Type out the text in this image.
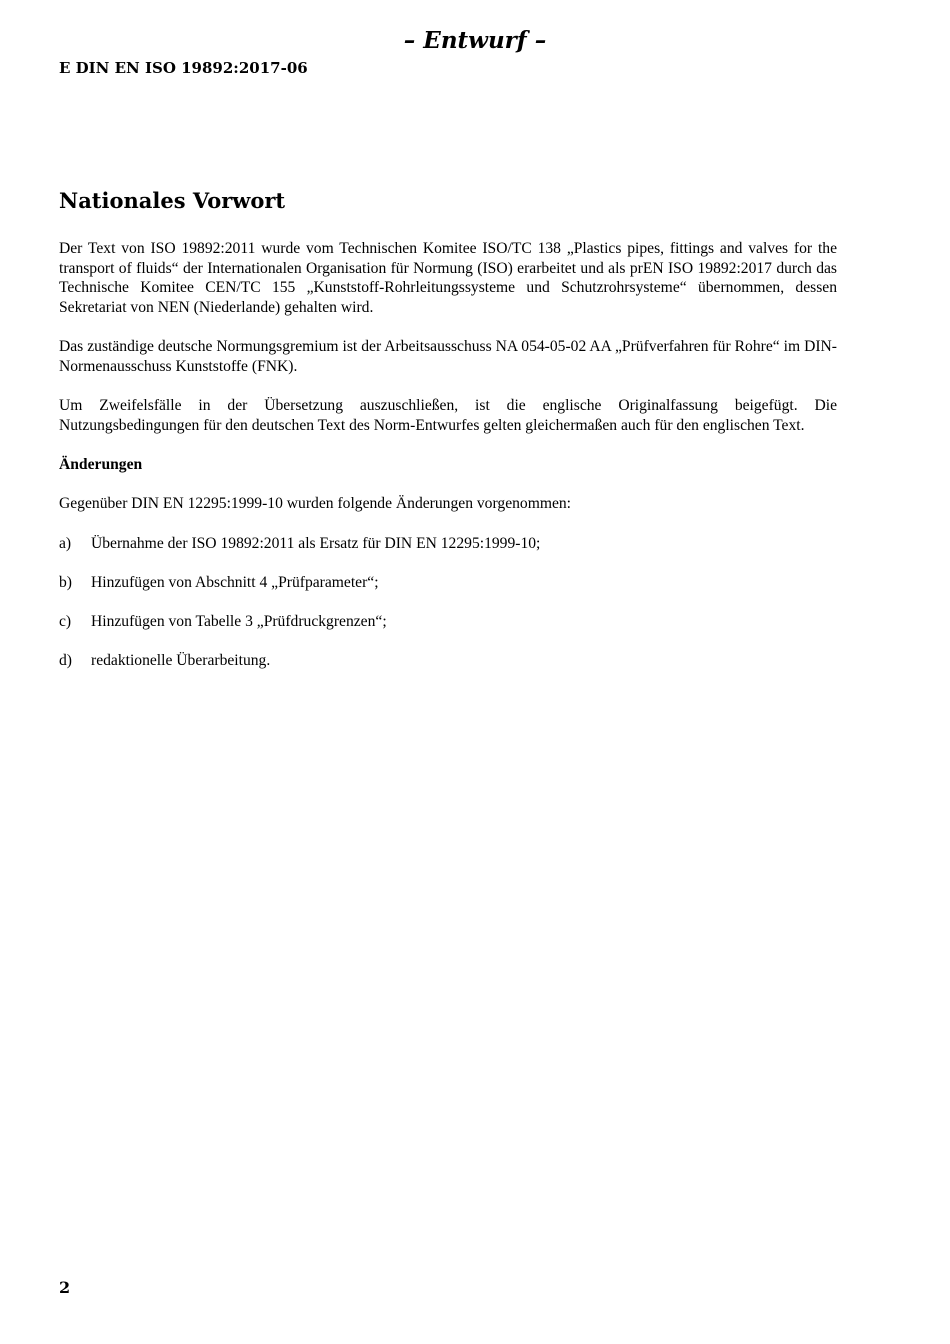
– Entwurf –
E DIN EN ISO 19892:2017-06
Nationales Vorwort

Der Text von ISO 19892:2011 wurde vom Technischen Komitee ISO/TC 138 „Plastics pipes, fittings and valves for the transport of fluids“ der Internationalen Organisation für Normung (ISO) erarbeitet und als prEN ISO 19892:2017 durch das Technische Komitee CEN/TC 155 „Kunststoff-Rohrleitungssysteme und Schutzrohrsysteme“ übernommen, dessen Sekretariat von NEN (Niederlande) gehalten wird.

Das zuständige deutsche Normungsgremium ist der Arbeitsausschuss NA 054-05-02 AA „Prüfverfahren für Rohre“ im DIN-Normenausschuss Kunststoffe (FNK).

Um Zweifelsfälle in der Übersetzung auszuschließen, ist die englische Originalfassung beigefügt. Die Nutzungsbedingungen für den deutschen Text des Norm-Entwurfes gelten gleichermaßen auch für den englischen Text.

Änderungen

Gegenüber DIN EN 12295:1999-10 wurden folgende Änderungen vorgenommen:

a)	Übernahme der ISO 19892:2011 als Ersatz für DIN EN 12295:1999-10;
b)	Hinzufügen von Abschnitt 4 „Prüfparameter“;
c)	Hinzufügen von Tabelle 3 „Prüfdruckgrenzen“;
d)	redaktionelle Überarbeitung.
2
